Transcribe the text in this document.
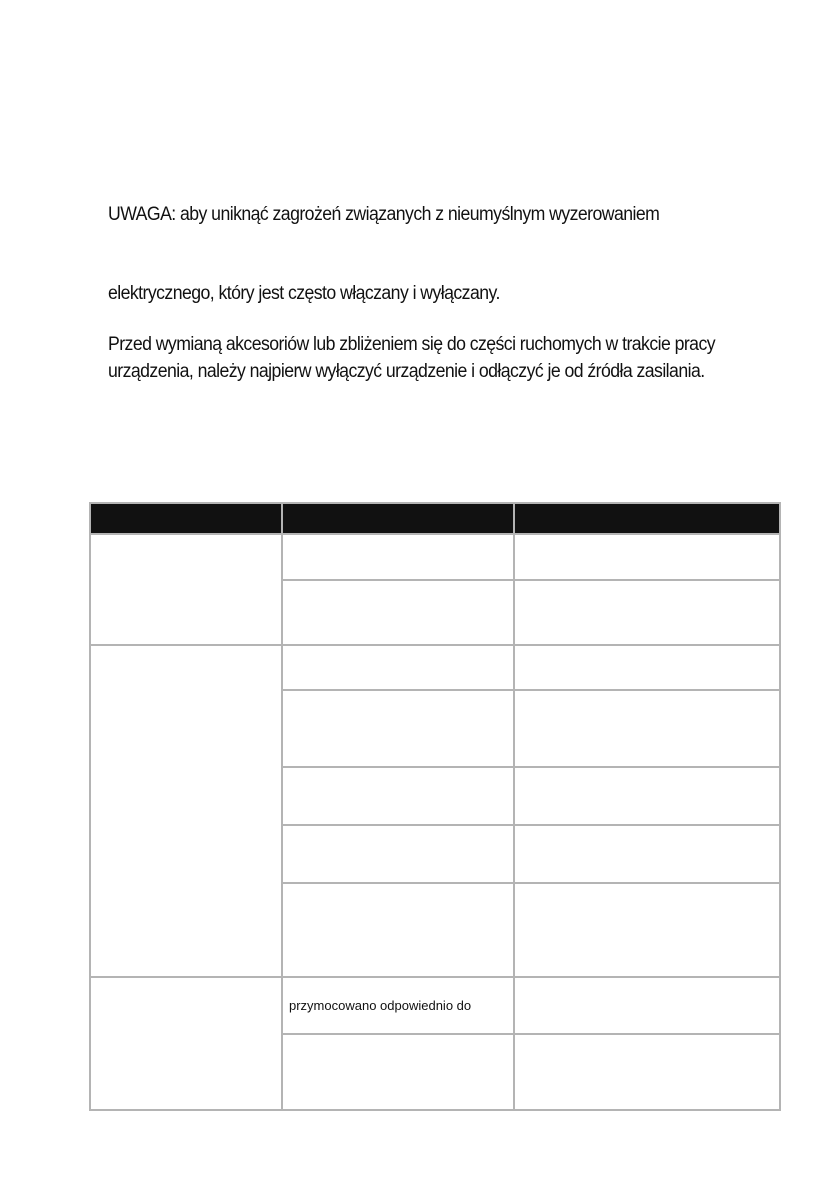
UWAGA: aby uniknąć zagrożeń związanych z nieumyślnym wyzerowaniem

elektrycznego, który jest często włączany i wyłączany.

Przed wymianą akcesoriów lub zbliżeniem się do części ruchomych w trakcie pracy
urządzenia, należy najpierw wyłączyć urządzenie i odłączyć je od źródła zasilania.

	przymocowano odpowiednio do	
